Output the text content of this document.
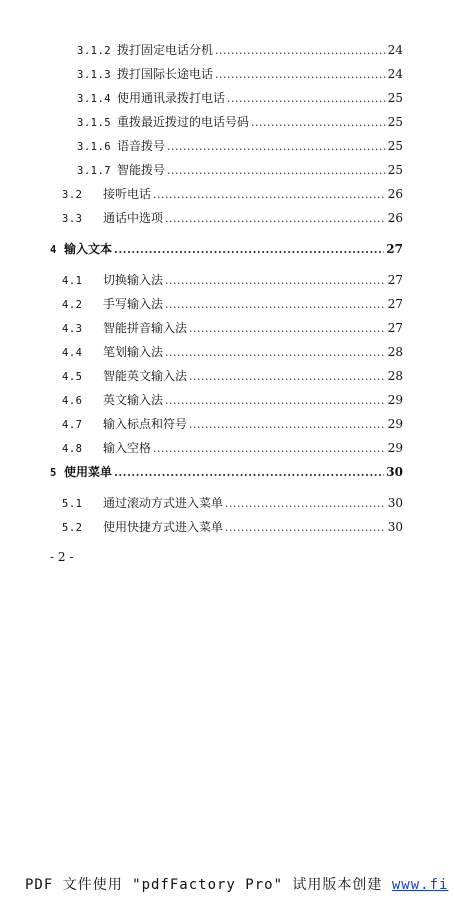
3.1.2 拨打固定电话分机 .....	24
3.1.3 拨打国际长途电话 .....	24
3.1.4 使用通讯录拨打电话 .....	25
3.1.5 重拨最近拨过的电话号码 .....	25
3.1.6 语音拨号 .....	25
3.1.7 智能拨号 .....	25
3.2	接听电话 .....	26
3.3	通话中选项 .....	26
4 输入文本 .....	27
4.1	切换输入法 .....	27
4.2	手写输入法 .....	27
4.3	智能拼音输入法 .....	27
4.4	笔划输入法 .....	28
4.5	智能英文输入法 .....	28
4.6	英文输入法 .....	29
4.7	输入标点和符号 .....	29
4.8	输入空格 .....	29
5 使用菜单 .....	30
5.1	通过滚动方式进入菜单 .....	30
5.2	使用快捷方式进入菜单 .....	30
- 2 -
PDF 文件使用 "pdfFactory Pro" 试用版本创建 www.fi
